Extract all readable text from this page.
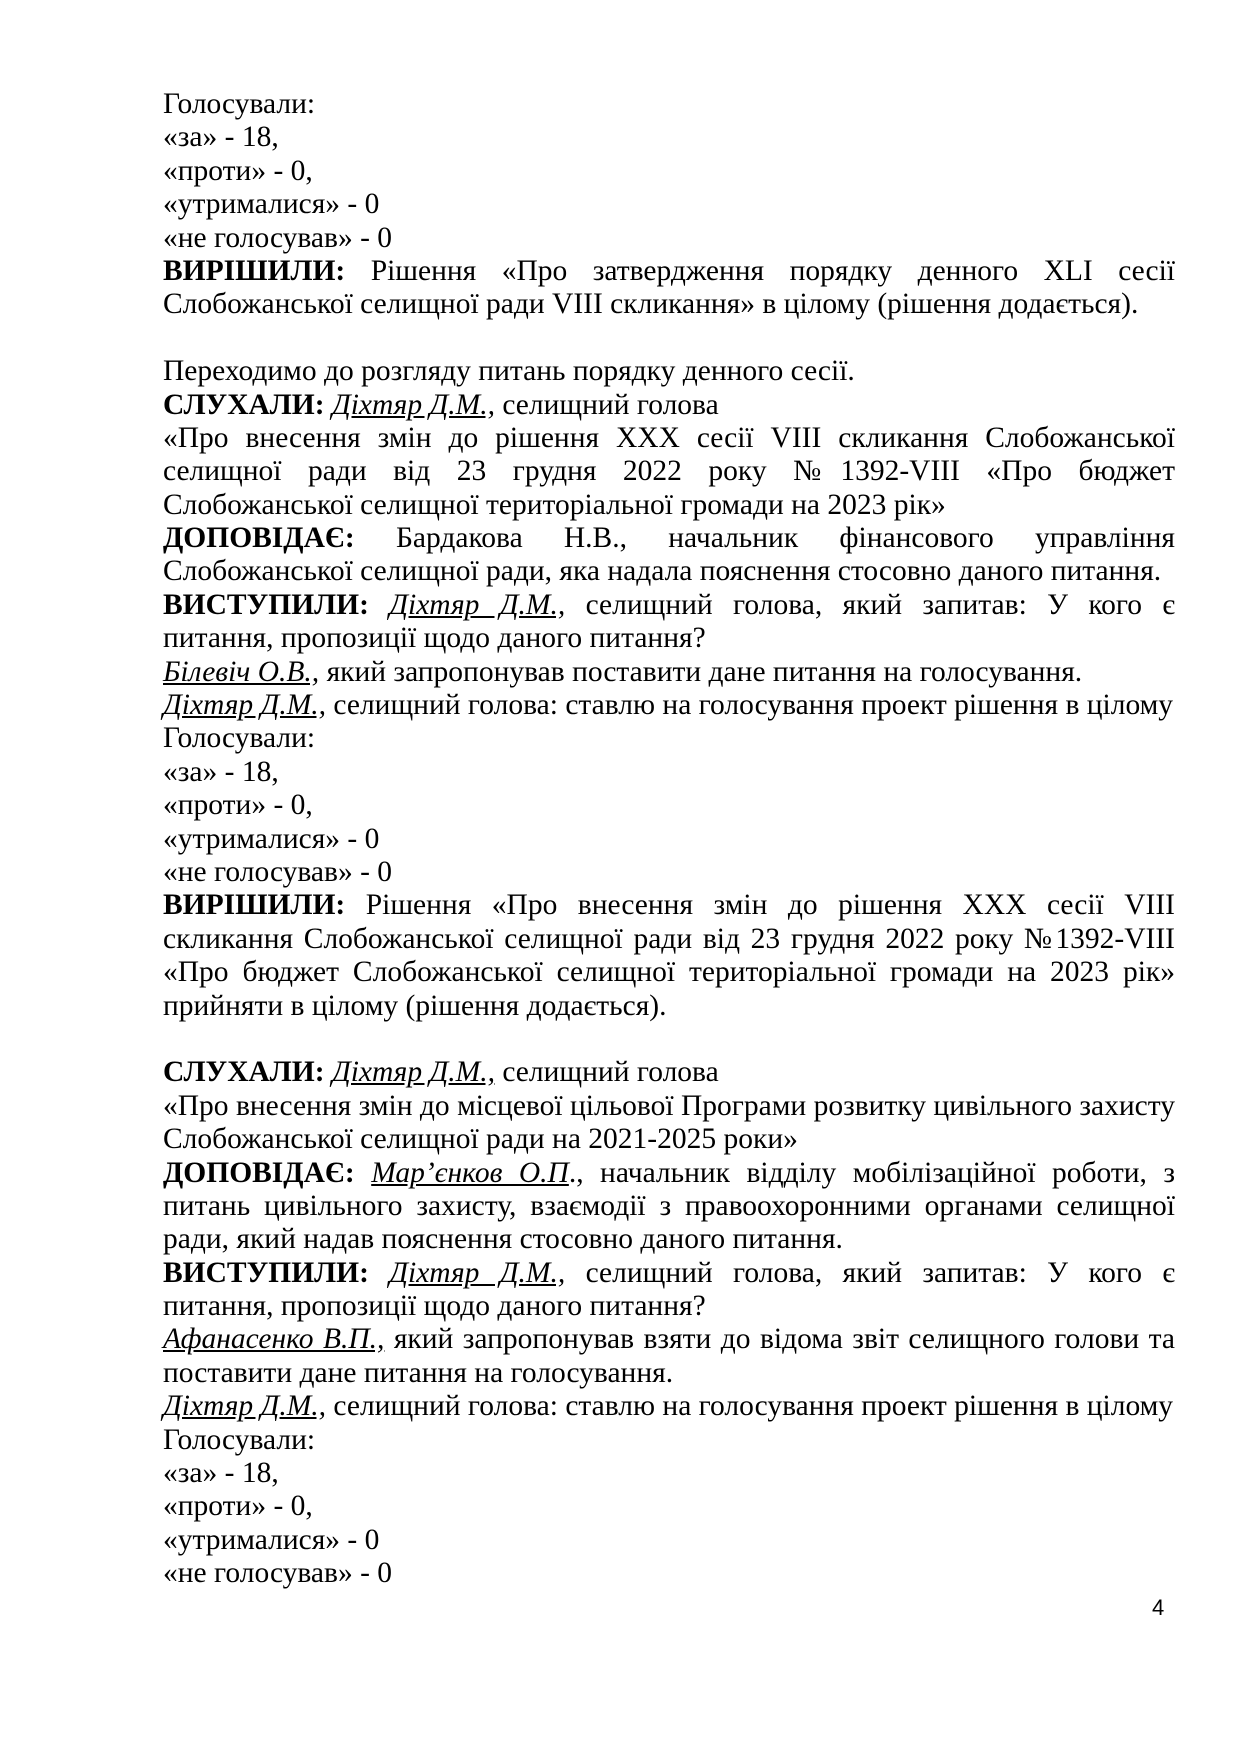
Голосували:
«за» - 18,
«проти» - 0,
«утрималися» - 0
«не голосував» - 0
ВИРІШИЛИ: Рішення «Про затвердження порядку денного XLI сесії
Слобожанської селищної ради VIII скликання» в цілому (рішення додається).
Переходимо до розгляду питань порядку денного сесії.
СЛУХАЛИ: Діхтяр Д.М., селищний голова
«Про внесення змін до рішення XXX сесії VIII скликання Слобожанської
селищної ради від 23 грудня 2022 року №1392-VIII «Про бюджет
Слобожанської селищної територіальної громади на 2023 рік»
ДОПОВІДАЄ: Бардакова Н.В., начальник фінансового управління
Слобожанської селищної ради, яка надала пояснення стосовно даного питання.
ВИСТУПИЛИ: Діхтяр Д.М., селищний голова, який запитав: У кого є
питання, пропозиції щодо даного питання?
Білевіч О.В., який запропонував поставити дане питання на голосування.
Діхтяр Д.М., селищний голова: ставлю на голосування проект рішення в цілому
Голосували:
«за» - 18,
«проти» - 0,
«утрималися» - 0
«не голосував» - 0
ВИРІШИЛИ: Рішення «Про внесення змін до рішення XXX сесії VIII
скликання Слобожанської селищної ради від 23 грудня 2022 року №1392-VIII
«Про бюджет Слобожанської селищної територіальної громади на 2023 рік»
прийняти в цілому (рішення додається).
СЛУХАЛИ: Діхтяр Д.М., селищний голова
«Про внесення змін до місцевої цільової Програми розвитку цивільного захисту
Слобожанської селищної ради на 2021-2025 роки»
ДОПОВІДАЄ: Мар’єнков О.П., начальник відділу мобілізаційної роботи, з
питань цивільного захисту, взаємодії з правоохоронними органами селищної
ради, який надав пояснення стосовно даного питання.
ВИСТУПИЛИ: Діхтяр Д.М., селищний голова, який запитав: У кого є
питання, пропозиції щодо даного питання?
Афанасенко В.П., який запропонував взяти до відома звіт селищного голови та
поставити дане питання на голосування.
Діхтяр Д.М., селищний голова: ставлю на голосування проект рішення в цілому
Голосували:
«за» - 18,
«проти» - 0,
«утрималися» - 0
«не голосував» - 0
4
